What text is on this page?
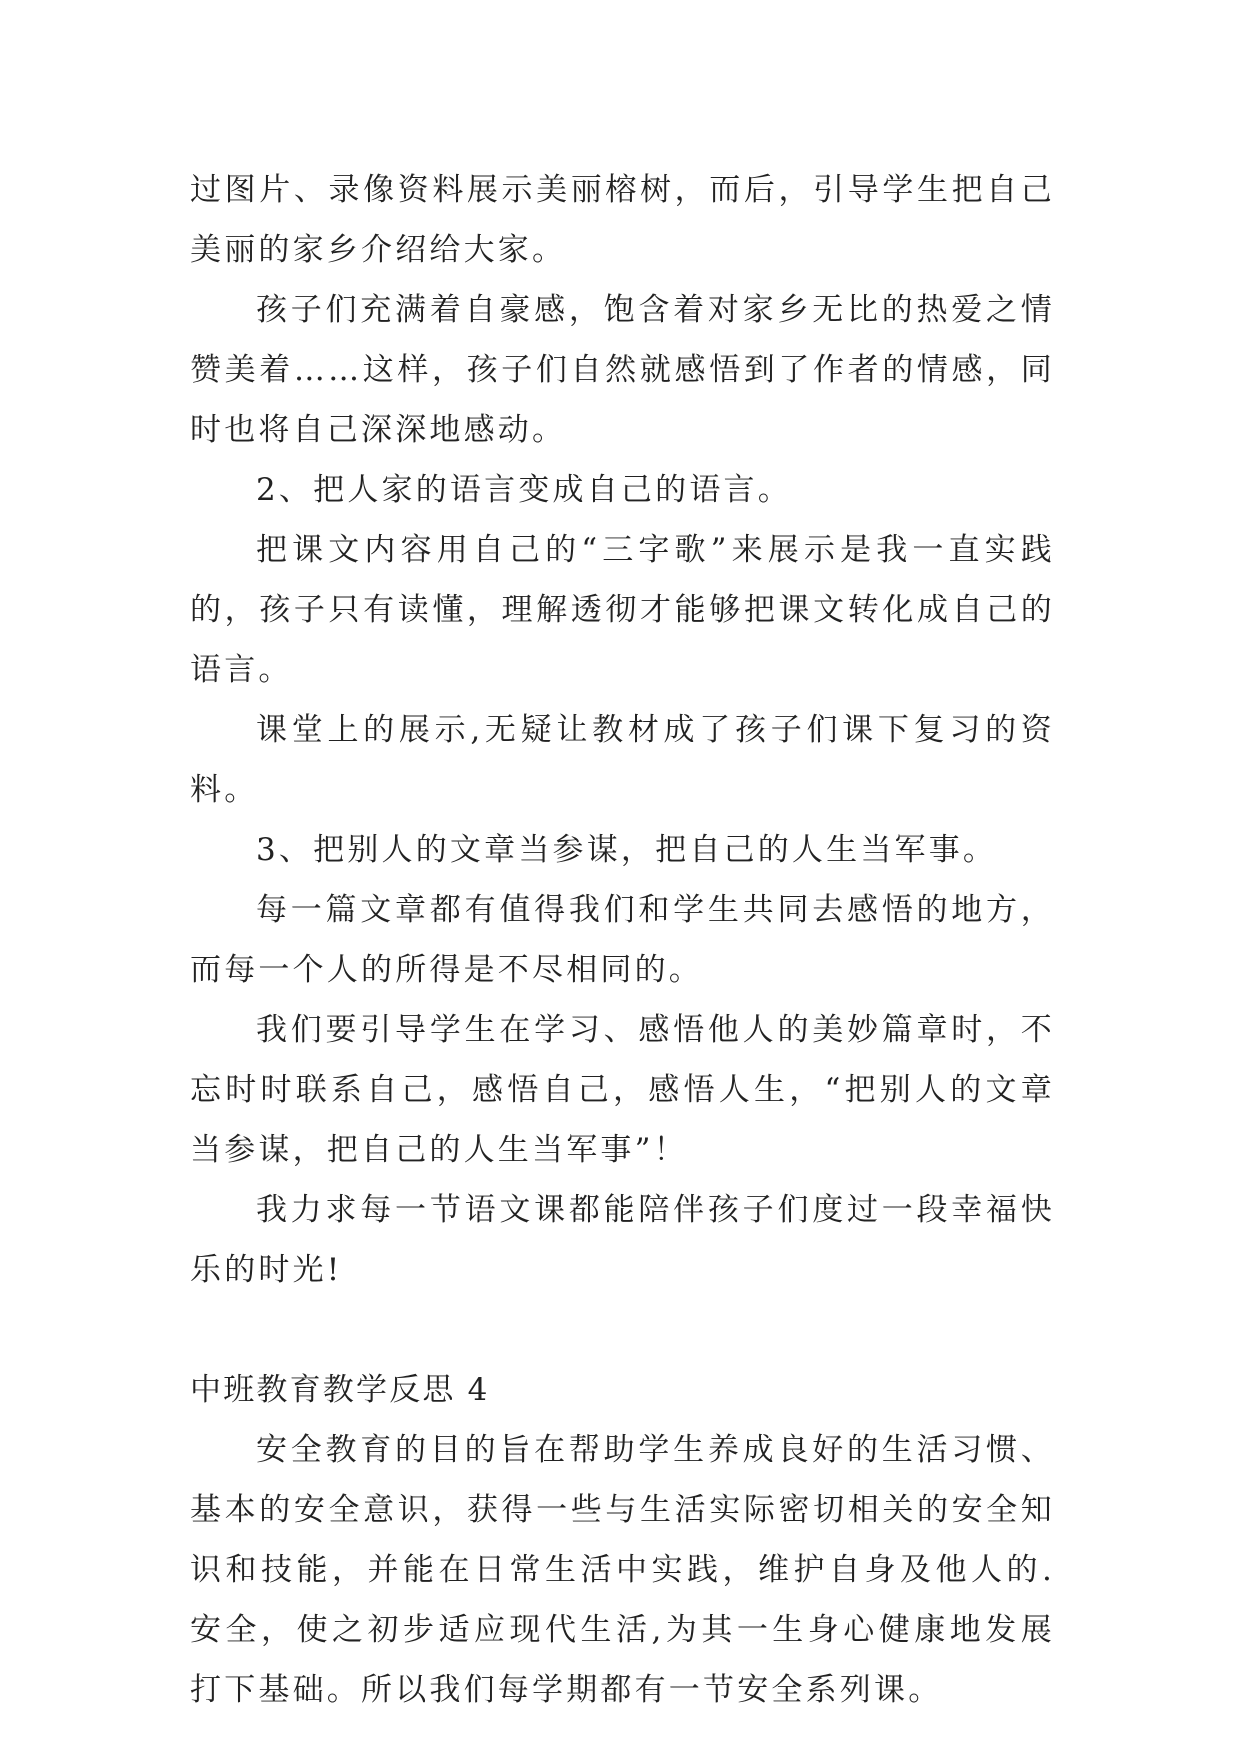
过图片、录像资料展示美丽榕树，而后，引导学生把自己美丽的家乡介绍给大家。

孩子们充满着自豪感，饱含着对家乡无比的热爱之情赞美着……这样，孩子们自然就感悟到了作者的情感，同时也将自己深深地感动。

2、把人家的语言变成自己的语言。

把课文内容用自己的“三字歌”来展示是我一直实践的，孩子只有读懂，理解透彻才能够把课文转化成自己的语言。

课堂上的展示,无疑让教材成了孩子们课下复习的资料。

3、把别人的文章当参谋，把自己的人生当军事。

每一篇文章都有值得我们和学生共同去感悟的地方，而每一个人的所得是不尽相同的。

我们要引导学生在学习、感悟他人的美妙篇章时，不忘时时联系自己，感悟自己，感悟人生，“把别人的文章当参谋，把自己的人生当军事”！

我力求每一节语文课都能陪伴孩子们度过一段幸福快乐的时光!

中班教育教学反思 4

安全教育的目的旨在帮助学生养成良好的生活习惯、基本的安全意识，获得一些与生活实际密切相关的安全知识和技能，并能在日常生活中实践，维护自身及他人的.安全，使之初步适应现代生活,为其一生身心健康地发展打下基础。所以我们每学期都有一节安全系列课。
